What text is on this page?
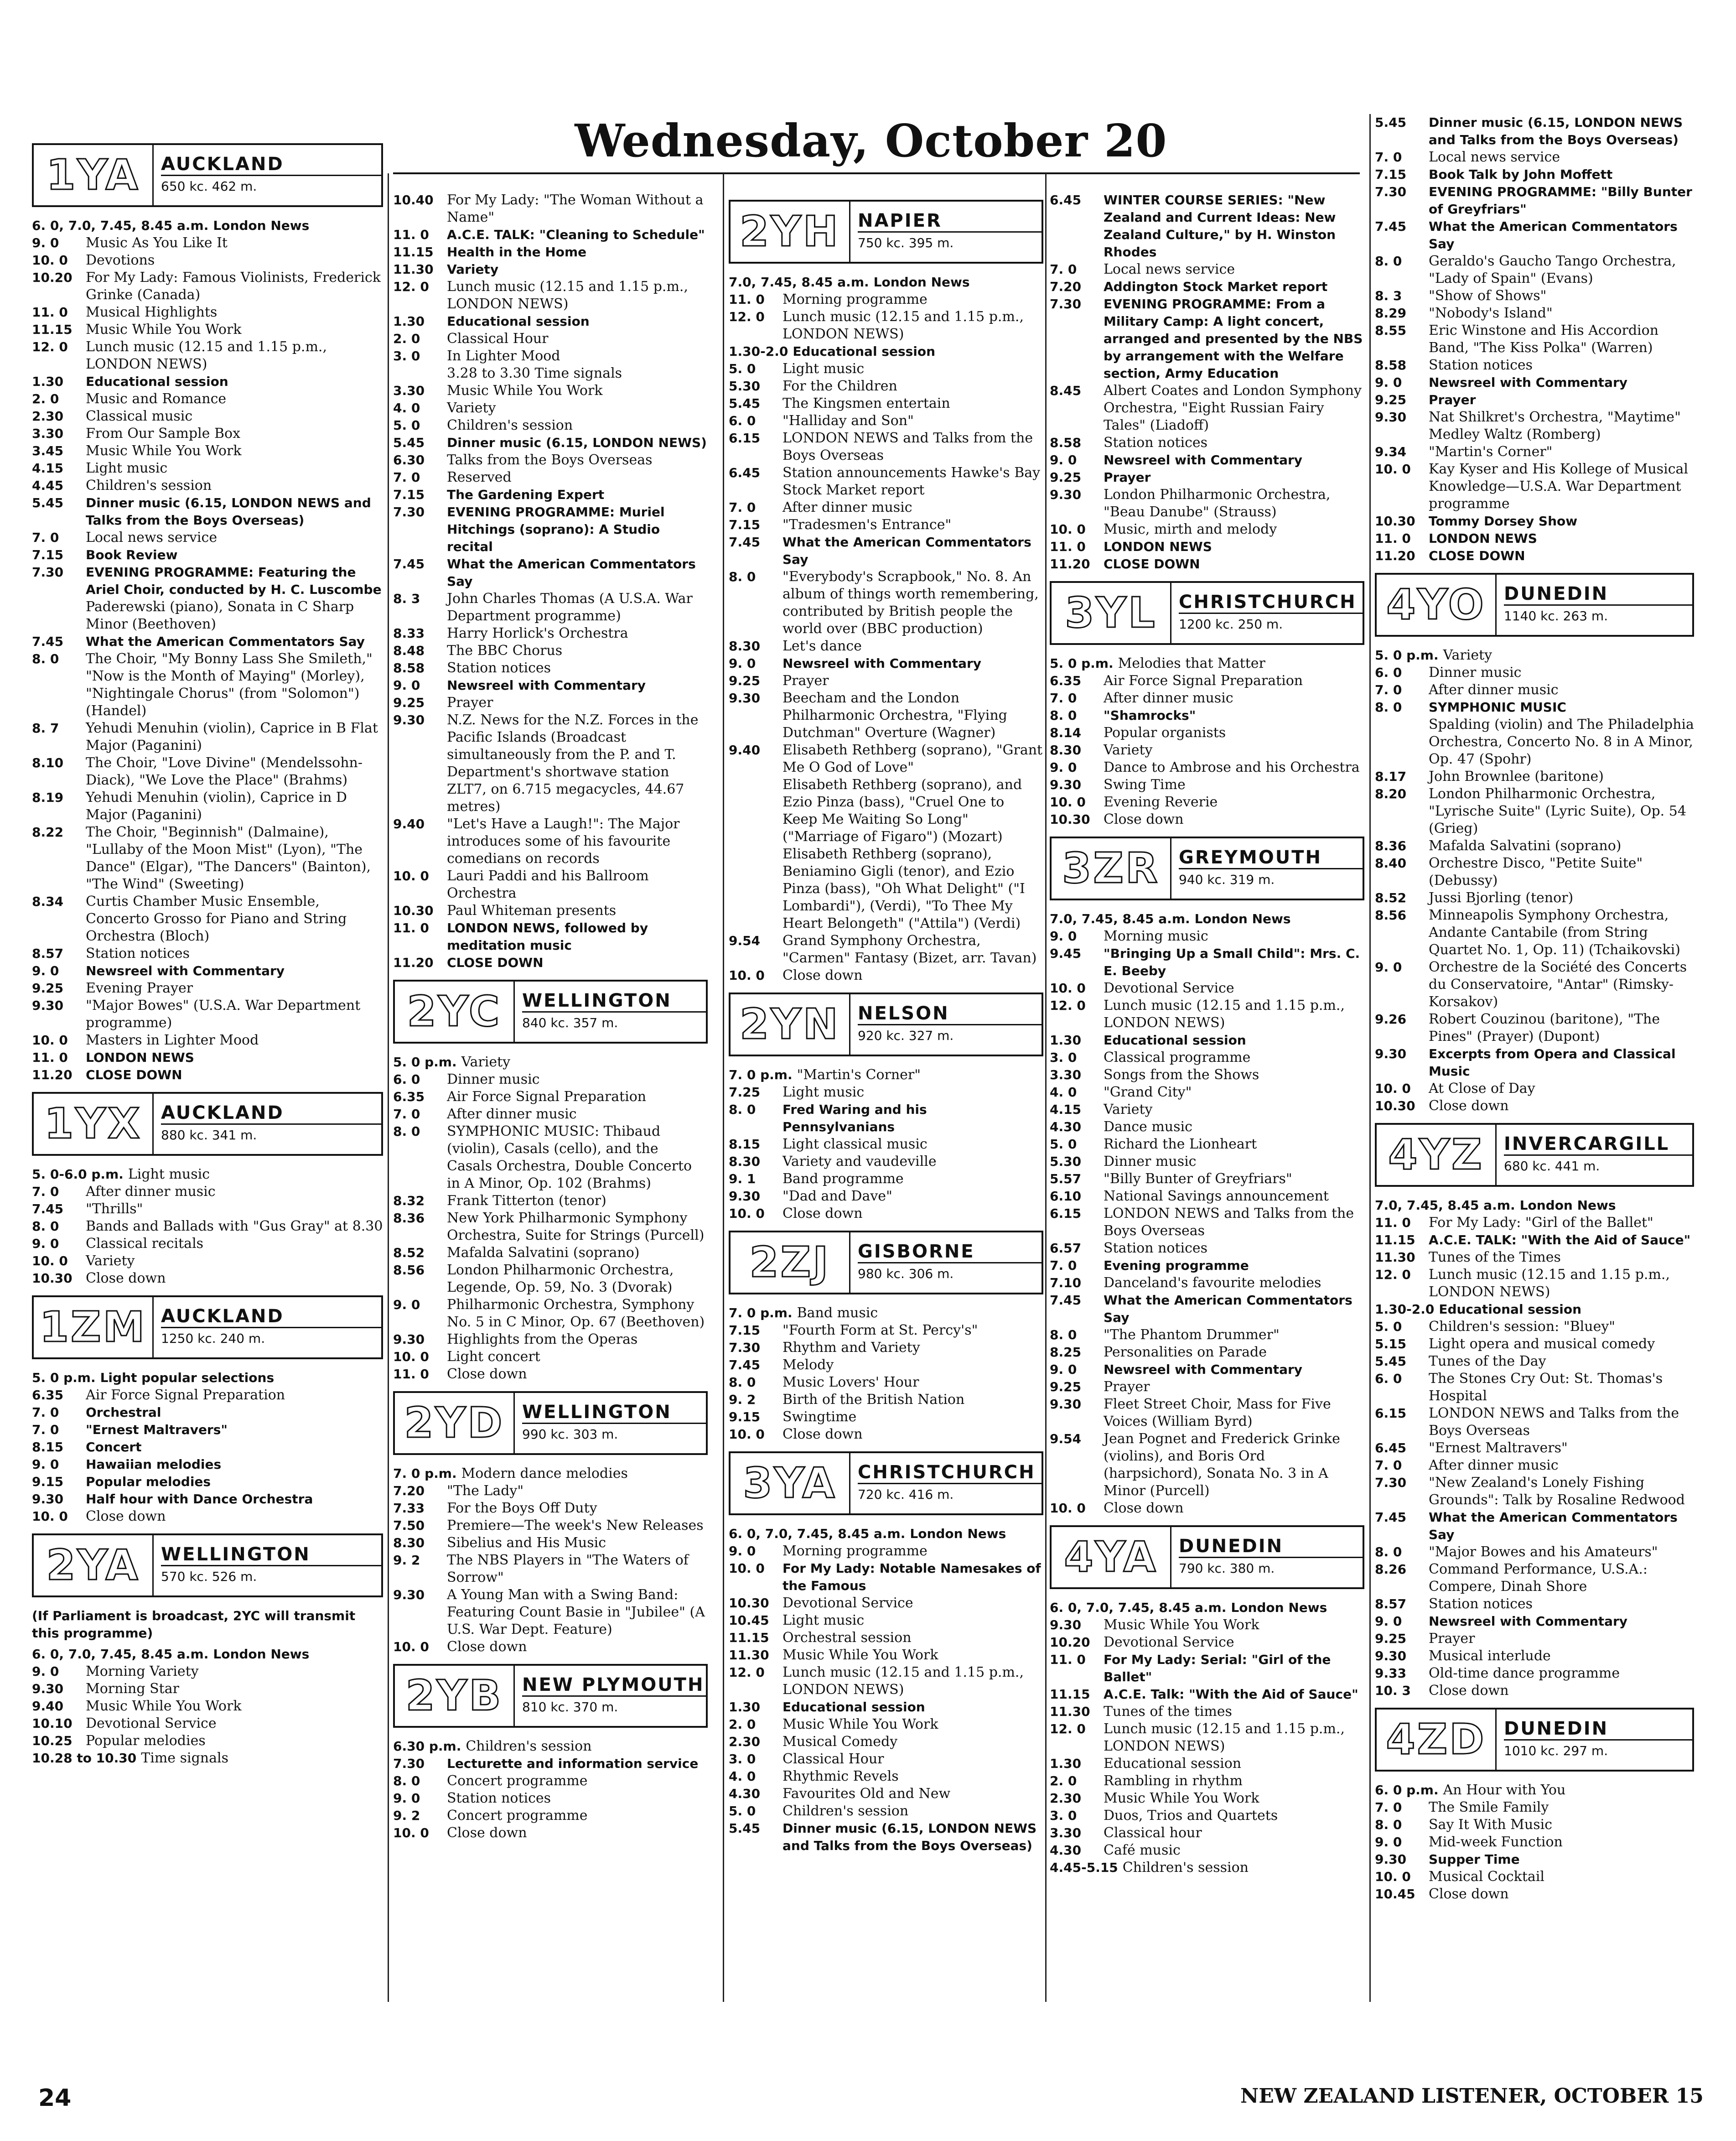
Wednesday, October 20
1YA	AUCKLAND
650 kc. 462 m.
6. 0, 7.0, 7.45, 8.45 a.m. London News
9. 0	Music As You Like It
10. 0	Devotions
10.20 For My Lady: Famous Violinists, Frederick Grinke (Canada)
11. 0	Musical Highlights
11.15 Music While You Work
12. 0	Lunch music (12.15 and 1.15 p.m., LONDON NEWS)
1.30	Educational session
2. 0	Music and Romance
2.30	Classical music
3.30	From Our Sample Box
3.45	Music While You Work
4.15	Light music
4.45	Children's session
5.45	Dinner music (6.15, LONDON NEWS and Talks from the Boys Overseas)
7. 0	Local news service
7.15	Book Review
7.30	EVENING PROGRAMME: Featuring the Ariel Choir, conducted by H. C. Luscombe
Paderewski (piano), Sonata in C Sharp Minor (Beethoven)
7.45	What the American Commentators Say
8. 0	The Choir, "My Bonny Lass She Smileth," "Now is the Month of Maying" (Morley), "Nightingale Chorus" (from "Solomon") (Handel)
8. 7	Yehudi Menuhin (violin), Caprice in B Flat Major (Paganini)
8.10	The Choir, "Love Divine" (Mendelssohn-Diack), "We Love the Place" (Brahms)
8.19	Yehudi Menuhin (violin), Caprice in D Major (Paganini)
8.22	The Choir, "Beginnish" (Dalmaine), "Lullaby of the Moon Mist" (Lyon), "The Dance" (Elgar), "The Dancers" (Bainton), "The Wind" (Sweeting)
8.34	Curtis Chamber Music Ensemble, Concerto Grosso for Piano and String Orchestra (Bloch)
8.57	Station notices
9. 0	Newsreel with Commentary
9.25	Evening Prayer
9.30	"Major Bowes" (U.S.A. War Department programme)
10. 0	Masters in Lighter Mood
11. 0	LONDON NEWS
11.20	CLOSE DOWN
1YX	AUCKLAND
880 kc. 341 m.
5. 0-6.0 p.m. Light music
7. 0	After dinner music
7.45	"Thrills"
8. 0	Bands and Ballads with "Gus Gray" at 8.30
9. 0	Classical recitals
10. 0	Variety
10.30 Close down
1ZM AUCKLAND
1250 kc. 240 m.
5. 0 p.m. Light popular selections
6.35	Air Force Signal Preparation
7. 0	Orchestral
7. 0	"Ernest Maltravers"
8.15	Concert
9. 0	Hawaiian melodies
9.15	Popular melodies
9.30	Half hour with Dance Orchestra
10. 0	Close down
2YA	WELLINGTON
570 kc. 526 m.
(If Parliament is broadcast, 2YC will transmit this programme)
6. 0, 7.0, 7.45, 8.45 a.m. London News
9. 0	Morning Variety
9.30	Morning Star
9.40	Music While You Work
10.10 Devotional Service
10.25 Popular melodies
10.28 to 10.30 Time signals
10.40 For My Lady: "The Woman Without a Name"
11. 0	A.C.E. TALK: "Cleaning to Schedule"
11.15	Health in the Home
11.30	Variety
12. 0	Lunch music (12.15 and 1.15 p.m., LONDON NEWS)
1.30	Educational session
2. 0	Classical Hour
3. 0	In Lighter Mood
3.28 to 3.30 Time signals
3.30	Music While You Work
4. 0	Variety
5. 0	Children's session
5.45	Dinner music (6.15, LONDON NEWS)
6.30	Talks from the Boys Overseas
7. 0	Reserved
7.15	The Gardening Expert
7.30	EVENING PROGRAMME: Muriel Hitchings (soprano): A Studio recital
7.45	What the American Commentators Say
8. 3	John Charles Thomas (A U.S.A. War Department programme)
8.33	Harry Horlick's Orchestra
8.48	The BBC Chorus
8.58	Station notices
9. 0	Newsreel with Commentary
9.25	Prayer
9.30	N.Z. News for the N.Z. Forces in the Pacific Islands (Broadcast simultaneously from the P. and T. Department's shortwave station ZLT7, on 6.715 megacycles, 44.67 metres)
9.40	"Let's Have a Laugh!": The Major introduces some of his favourite comedians on records
10. 0	Lauri Paddi and his Ballroom Orchestra
10.30 Paul Whiteman presents
11. 0	LONDON NEWS, followed by meditation music
11.20	CLOSE DOWN
2YC	WELLINGTON
840 kc. 357 m.
5. 0 p.m. Variety
6. 0	Dinner music
6.35	Air Force Signal Preparation
7. 0	After dinner music
8. 0	SYMPHONIC MUSIC: Thibaud (violin), Casals (cello), and the Casals Orchestra, Double Concerto in A Minor, Op. 102 (Brahms)
8.32	Frank Titterton (tenor)
8.36	New York Philharmonic Symphony Orchestra, Suite for Strings (Purcell)
8.52	Mafalda Salvatini (soprano)
8.56	London Philharmonic Orchestra, Legende, Op. 59, No. 3 (Dvorak)
9. 0	Philharmonic Orchestra, Symphony No. 5 in C Minor, Op. 67 (Beethoven)
9.30	Highlights from the Operas
10. 0	Light concert
11. 0	Close down
2YD WELLINGTON
990 kc. 303 m.
7. 0 p.m. Modern dance melodies
7.20	"The Lady"
7.33	For the Boys Off Duty
7.50	Premiere—The week's New Releases
8.30	Sibelius and His Music
9. 2	The NBS Players in "The Waters of Sorrow"
9.30	A Young Man with a Swing Band: Featuring Count Basie in "Jubilee" (A U.S. War Dept. Feature)
10. 0	Close down
2YB	NEW PLYMOUTH
810 kc. 370 m.
6.30 p.m. Children's session
7.30	Lecturette and information service
8. 0	Concert programme
9. 0	Station notices
9. 2	Concert programme
10. 0	Close down
2YH NAPIER
750 kc. 395 m.
7.0, 7.45, 8.45 a.m. London News
11. 0	Morning programme
12. 0	Lunch music (12.15 and 1.15 p.m., LONDON NEWS)
1.30-2.0 Educational session
5. 0	Light music
5.30	For the Children
5.45	The Kingsmen entertain
6. 0	"Halliday and Son"
6.15	LONDON NEWS and Talks from the Boys Overseas
6.45	Station announcements Hawke's Bay Stock Market report
7. 0	After dinner music
7.15	"Tradesmen's Entrance"
7.45	What the American Commentators Say
8. 0	"Everybody's Scrapbook," No. 8. An album of things worth remembering, contributed by British people the world over (BBC production)
8.30	Let's dance
9. 0	Newsreel with Commentary
9.25	Prayer
9.30	Beecham and the London Philharmonic Orchestra, "Flying Dutchman" Overture (Wagner)
9.40	Elisabeth Rethberg (soprano), "Grant Me O God of Love"
Elisabeth Rethberg (soprano), and Ezio Pinza (bass), "Cruel One to Keep Me Waiting So Long" ("Marriage of Figaro") (Mozart)
Elisabeth Rethberg (soprano), Beniamino Gigli (tenor), and Ezio Pinza (bass), "Oh What Delight" ("I Lombardi"), (Verdi), "To Thee My Heart Belongeth" ("Attila") (Verdi)
9.54	Grand Symphony Orchestra, "Carmen" Fantasy (Bizet, arr. Tavan)
10. 0	Close down
2YN NELSON
920 kc. 327 m.
7. 0 p.m. "Martin's Corner"
7.25	Light music
8. 0	Fred Waring and his Pennsylvanians
8.15	Light classical music
8.30	Variety and vaudeville
9. 1	Band programme
9.30	"Dad and Dave"
10. 0	Close down
2ZJ	GISBORNE
980 kc. 306 m.
7. 0 p.m. Band music
7.15	"Fourth Form at St. Percy's"
7.30	Rhythm and Variety
7.45	Melody
8. 0	Music Lovers' Hour
9. 2	Birth of the British Nation
9.15	Swingtime
10. 0	Close down
3YA	CHRISTCHURCH
720 kc. 416 m.
6. 0, 7.0, 7.45, 8.45 a.m. London News
9. 0	Morning programme
10. 0	For My Lady: Notable Namesakes of the Famous
10.30 Devotional Service
10.45 Light music
11.15 Orchestral session
11.30 Music While You Work
12. 0	Lunch music (12.15 and 1.15 p.m., LONDON NEWS)
1.30	Educational session
2. 0	Music While You Work
2.30	Musical Comedy
3. 0	Classical Hour
4. 0	Rhythmic Revels
4.30	Favourites Old and New
5. 0	Children's session
5.45	Dinner music (6.15, LONDON NEWS and Talks from the Boys Overseas)
6.45	WINTER COURSE SERIES: "New Zealand and Current Ideas: New Zealand Culture," by H. Winston Rhodes
7. 0	Local news service
7.20	Addington Stock Market report
7.30	EVENING PROGRAMME: From a Military Camp: A light concert, arranged and presented by the NBS by arrangement with the Welfare section, Army Education
8.45	Albert Coates and London Symphony Orchestra, "Eight Russian Fairy Tales" (Liadoff)
8.58	Station notices
9. 0	Newsreel with Commentary
9.25	Prayer
9.30	London Philharmonic Orchestra, "Beau Danube" (Strauss)
10. 0	Music, mirth and melody
11. 0	LONDON NEWS
11.20	CLOSE DOWN
3YL	CHRISTCHURCH
1200 kc. 250 m.
5. 0 p.m. Melodies that Matter
6.35	Air Force Signal Preparation
7. 0	After dinner music
8. 0	"Shamrocks"
8.14	Popular organists
8.30	Variety
9. 0	Dance to Ambrose and his Orchestra
9.30	Swing Time
10. 0	Evening Reverie
10.30 Close down
3ZR	GREYMOUTH
940 kc. 319 m.
7.0, 7.45, 8.45 a.m. London News
9. 0	Morning music
9.45	"Bringing Up a Small Child": Mrs. C. E. Beeby
10. 0	Devotional Service
12. 0	Lunch music (12.15 and 1.15 p.m., LONDON NEWS)
1.30	Educational session
3. 0	Classical programme
3.30	Songs from the Shows
4. 0	"Grand City"
4.15	Variety
4.30	Dance music
5. 0	Richard the Lionheart
5.30	Dinner music
5.57	"Billy Bunter of Greyfriars"
6.10	National Savings announcement
6.15	LONDON NEWS and Talks from the Boys Overseas
6.57	Station notices
7. 0	Evening programme
7.10	Danceland's favourite melodies
7.45	What the American Commentators Say
8. 0	"The Phantom Drummer"
8.25	Personalities on Parade
9. 0	Newsreel with Commentary
9.25	Prayer
9.30	Fleet Street Choir, Mass for Five Voices (William Byrd)
9.54	Jean Pognet and Frederick Grinke (violins), and Boris Ord (harpsichord), Sonata No. 3 in A Minor (Purcell)
10. 0	Close down
4YA	DUNEDIN
790 kc. 380 m.
6. 0, 7.0, 7.45, 8.45 a.m. London News
9.30	Music While You Work
10.20 Devotional Service
11. 0	For My Lady: Serial: "Girl of the Ballet"
11.15	A.C.E. Talk: "With the Aid of Sauce"
11.30 Tunes of the times
12. 0	Lunch music (12.15 and 1.15 p.m., LONDON NEWS)
1.30	Educational session
2. 0	Rambling in rhythm
2.30	Music While You Work
3. 0	Duos, Trios and Quartets
3.30	Classical hour
4.30	Café music
4.45-5.15 Children's session
5.45	Dinner music (6.15, LONDON NEWS and Talks from the Boys Overseas)
7. 0	Local news service
7.15	Book Talk by John Moffett
7.30	EVENING PROGRAMME: "Billy Bunter of Greyfriars"
7.45	What the American Commentators Say
8. 0	Geraldo's Gaucho Tango Orchestra, "Lady of Spain" (Evans)
8. 3	"Show of Shows"
8.29	"Nobody's Island"
8.55	Eric Winstone and His Accordion Band, "The Kiss Polka" (Warren)
8.58	Station notices
9. 0	Newsreel with Commentary
9.25	Prayer
9.30	Nat Shilkret's Orchestra, "Maytime" Medley Waltz (Romberg)
9.34	"Martin's Corner"
10. 0	Kay Kyser and His Kollege of Musical Knowledge—U.S.A. War Department programme
10.30	Tommy Dorsey Show
11. 0	LONDON NEWS
11.20	CLOSE DOWN
4YO	DUNEDIN
1140 kc. 263 m.
5. 0 p.m. Variety
6. 0	Dinner music
7. 0	After dinner music
8. 0	SYMPHONIC MUSIC
Spalding (violin) and The Philadelphia Orchestra, Concerto No. 8 in A Minor, Op. 47 (Spohr)
8.17	John Brownlee (baritone)
8.20	London Philharmonic Orchestra, "Lyrische Suite" (Lyric Suite), Op. 54 (Grieg)
8.36	Mafalda Salvatini (soprano)
8.40	Orchestre Disco, "Petite Suite" (Debussy)
8.52	Jussi Bjorling (tenor)
8.56	Minneapolis Symphony Orchestra, Andante Cantabile (from String Quartet No. 1, Op. 11) (Tchaikovski)
9. 0	Orchestre de la Société des Concerts du Conservatoire, "Antar" (Rimsky-Korsakov)
9.26	Robert Couzinou (baritone), "The Pines" (Prayer) (Dupont)
9.30	Excerpts from Opera and Classical Music
10. 0	At Close of Day
10.30 Close down
4YZ	INVERCARGILL
680 kc. 441 m.
7.0, 7.45, 8.45 a.m. London News
11. 0	For My Lady: "Girl of the Ballet"
11.15	A.C.E. TALK: "With the Aid of Sauce"
11.30 Tunes of the Times
12. 0	Lunch music (12.15 and 1.15 p.m., LONDON NEWS)
1.30-2.0 Educational session
5. 0	Children's session: "Bluey"
5.15	Light opera and musical comedy
5.45	Tunes of the Day
6. 0	The Stones Cry Out: St. Thomas's Hospital
6.15	LONDON NEWS and Talks from the Boys Overseas
6.45	"Ernest Maltravers"
7. 0	After dinner music
7.30	"New Zealand's Lonely Fishing Grounds": Talk by Rosaline Redwood
7.45	What the American Commentators Say
8. 0	"Major Bowes and his Amateurs"
8.26	Command Performance, U.S.A.: Compere, Dinah Shore
8.57	Station notices
9. 0	Newsreel with Commentary
9.25	Prayer
9.30	Musical interlude
9.33	Old-time dance programme
10. 3	Close down
4ZD DUNEDIN
1010 kc. 297 m.
6. 0 p.m. An Hour with You
7. 0	The Smile Family
8. 0	Say It With Music
9. 0	Mid-week Function
9.30	Supper Time
10. 0	Musical Cocktail
10.45 Close down
24	NEW ZEALAND LISTENER, OCTOBER 15
